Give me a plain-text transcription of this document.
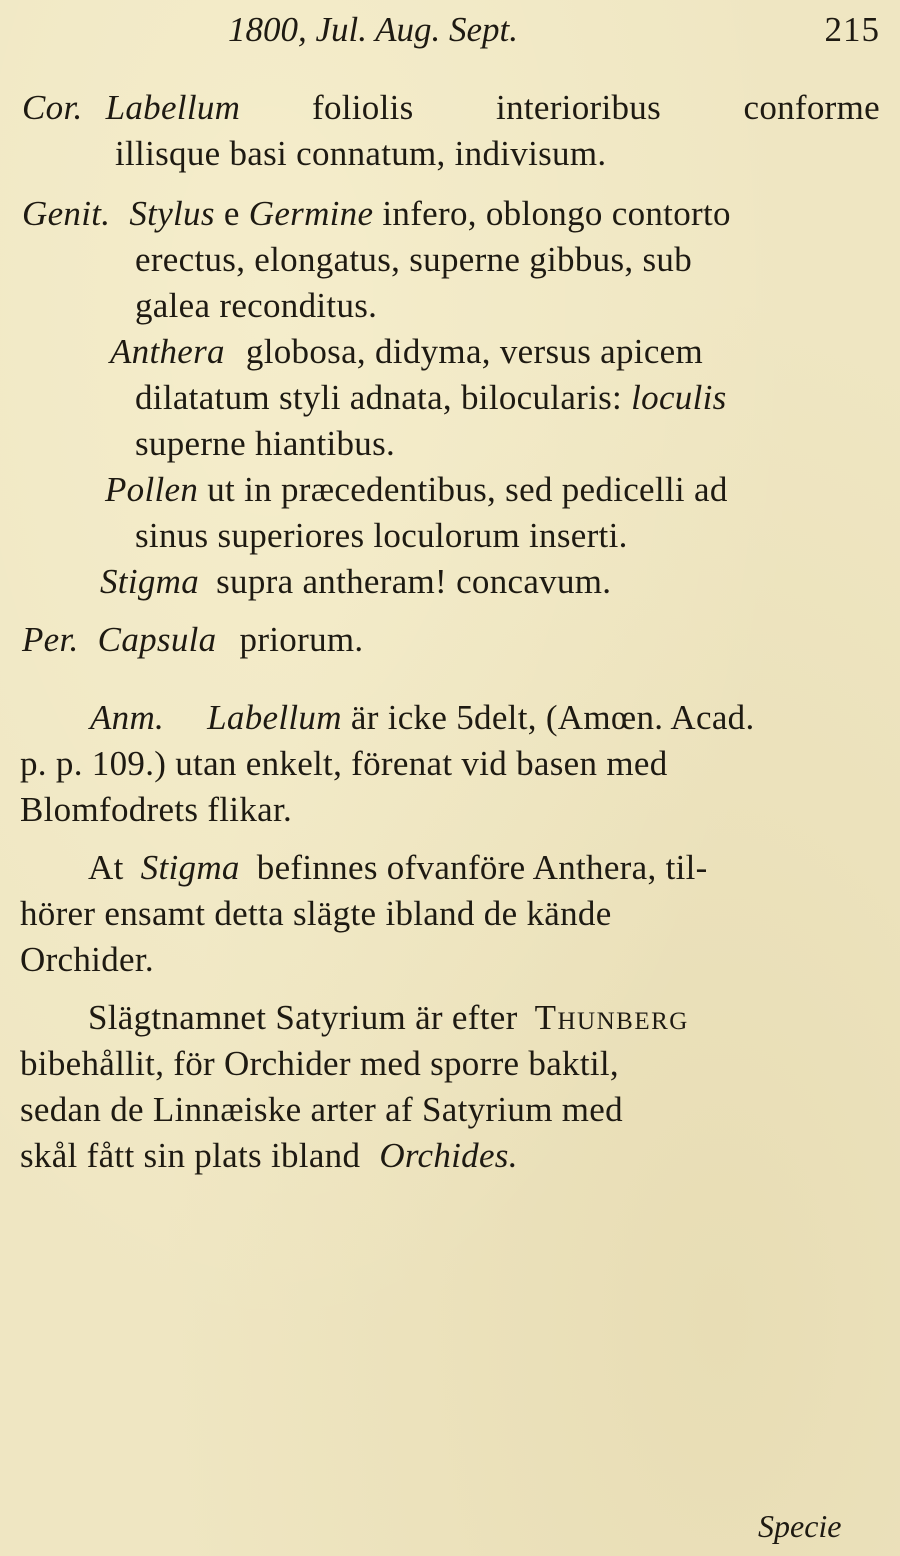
1800, Jul. Aug. Sept.	215
Cor. Labellum foliolis interioribus conforme
illisque basi connatum, indivisum.
Genit. Stylus e Germine infero, oblongo contorto
erectus, elongatus, superne gibbus, sub
galea reconditus.
Anthera globosa, didyma, versus apicem
dilatatum styli adnata, bilocularis: loculis
superne hiantibus.
Pollen ut in præcedentibus, sed pedicelli ad
sinus superiores loculorum inserti.
Stigma supra antheram! concavum.
Per. Capsula priorum.
Anm. Labellum är icke 5delt, (Amœn. Acad.
p. p. 109.) utan enkelt, förenat vid basen med
Blomfodrets flikar.
At Stigma befinnes ofvanföre Anthera, til-
hörer ensamt detta slägte ibland de kände
Orchider.
Slägtnamnet Satyrium är efter Thunberg
bibehållit, för Orchider med sporre baktil,
sedan de Linnæiske arter af Satyrium med
skål fått sin plats ibland Orchides.
Specie
